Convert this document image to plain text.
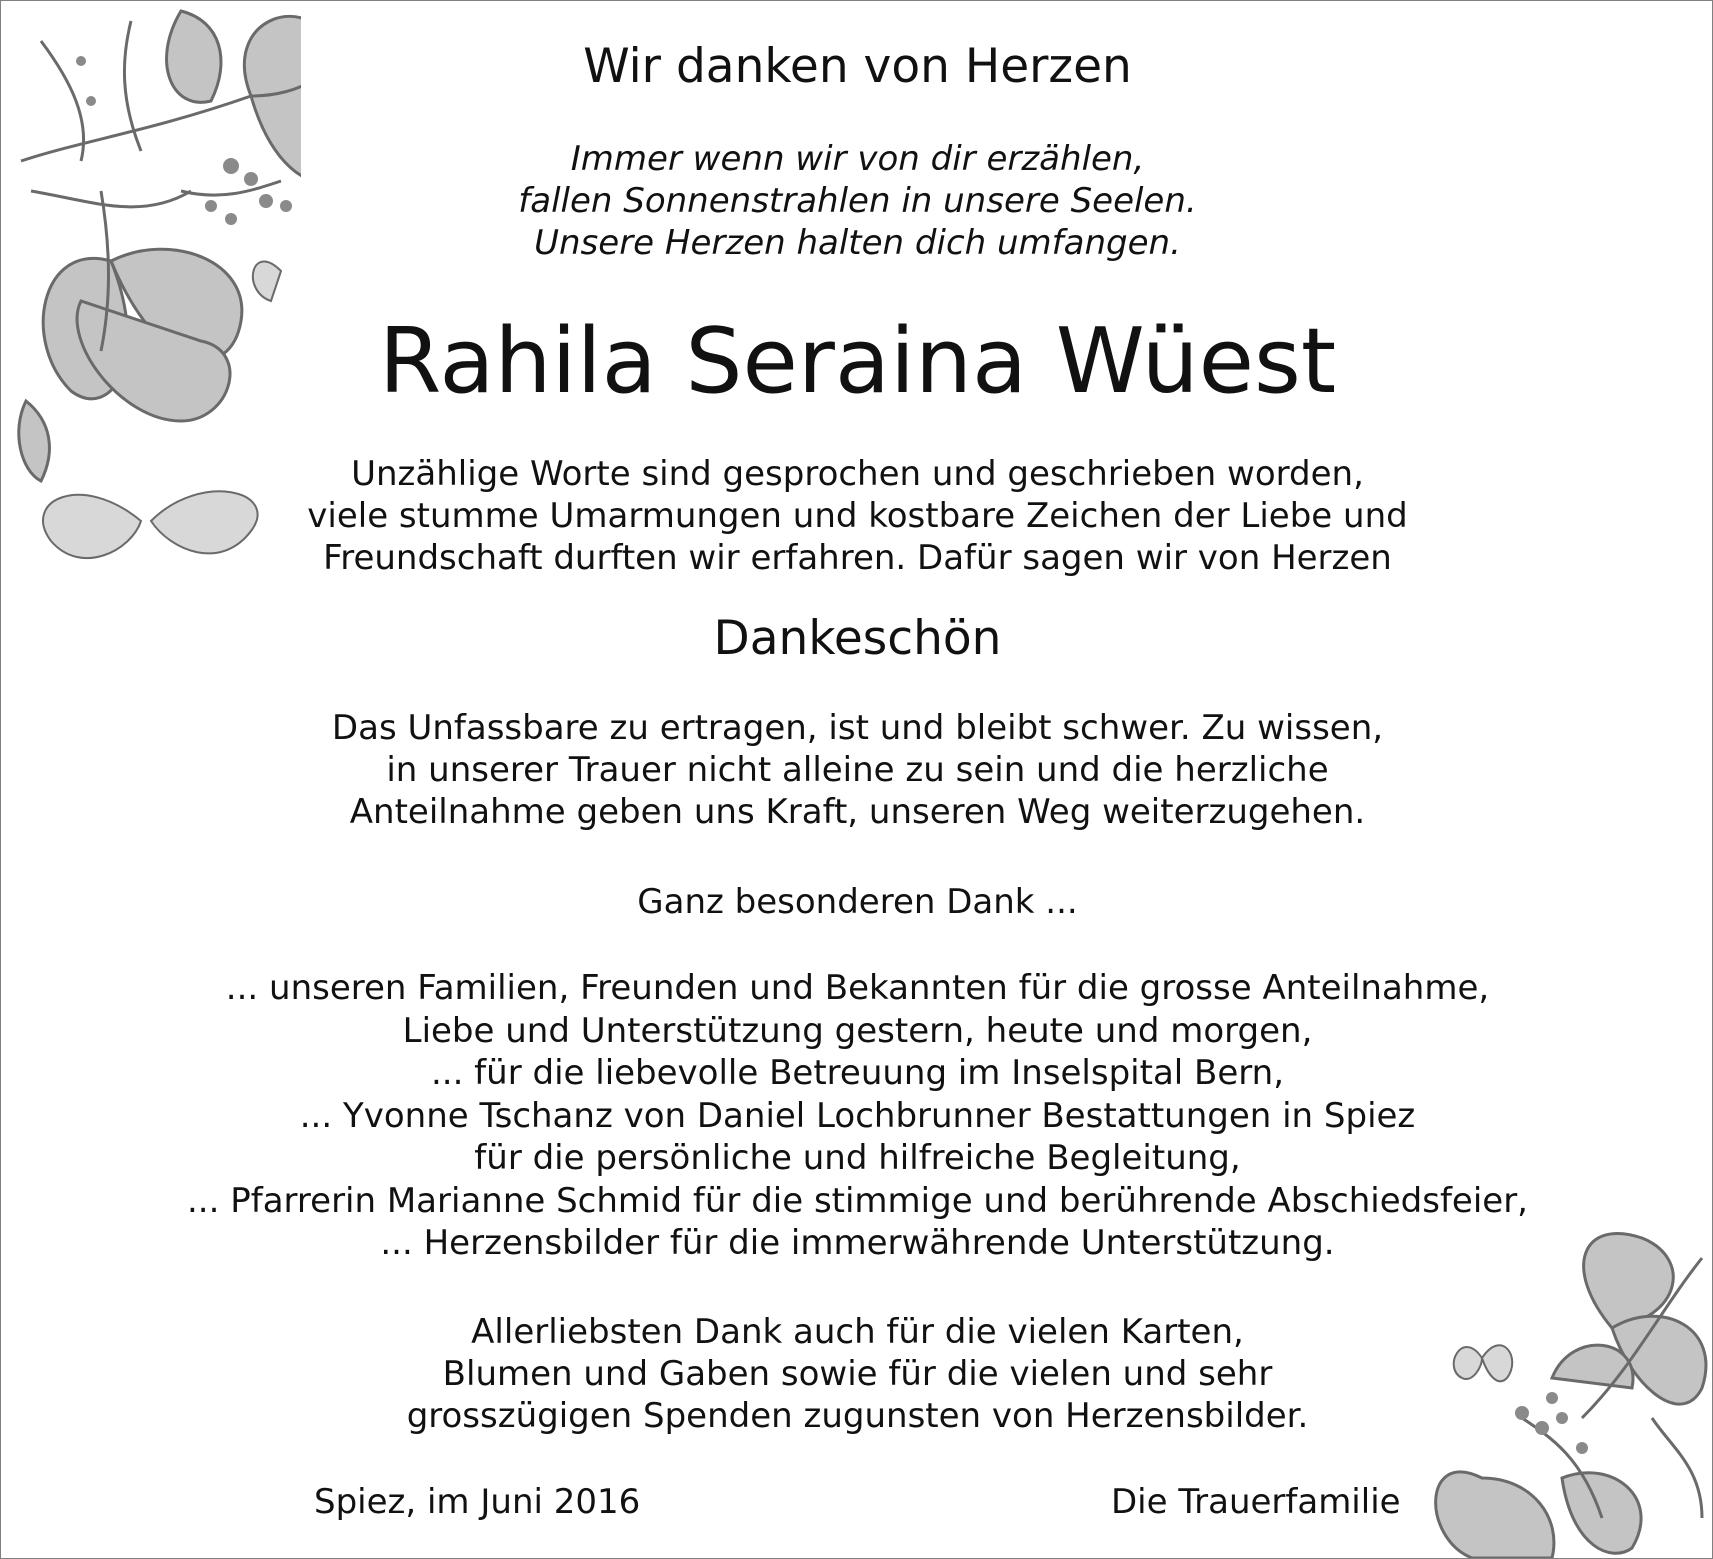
Wir danken von Herzen
Immer wenn wir von dir erzählen,
fallen Sonnenstrahlen in unsere Seelen.
Unsere Herzen halten dich umfangen.
Rahila Seraina Wüest
Unzählige Worte sind gesprochen und geschrieben worden,
viele stumme Umarmungen und kostbare Zeichen der Liebe und
Freundschaft durften wir erfahren. Dafür sagen wir von Herzen
Dankeschön
Das Unfassbare zu ertragen, ist und bleibt schwer. Zu wissen,
in unserer Trauer nicht alleine zu sein und die herzliche
Anteilnahme geben uns Kraft, unseren Weg weiterzugehen.
Ganz besonderen Dank ...
... unseren Familien, Freunden und Bekannten für die grosse Anteilnahme,
Liebe und Unterstützung gestern, heute und morgen,
... für die liebevolle Betreuung im Inselspital Bern,
... Yvonne Tschanz von Daniel Lochbrunner Bestattungen in Spiez
für die persönliche und hilfreiche Begleitung,
... Pfarrerin Marianne Schmid für die stimmige und berührende Abschiedsfeier,
... Herzensbilder für die immerwährende Unterstützung.
Allerliebsten Dank auch für die vielen Karten,
Blumen und Gaben sowie für die vielen und sehr
grosszügigen Spenden zugunsten von Herzensbilder.
Spiez, im Juni 2016	Die Trauerfamilie
